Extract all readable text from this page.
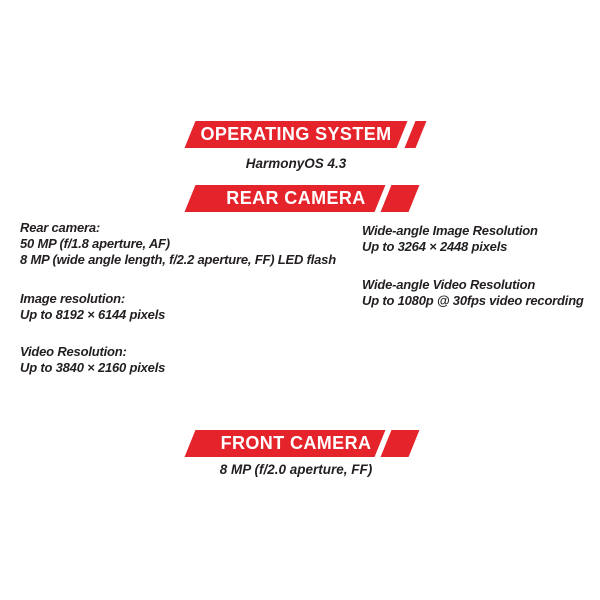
OPERATING SYSTEM
HarmonyOS 4.3
REAR CAMERA
Rear camera:
50 MP (f/1.8 aperture, AF)
8 MP (wide angle length, f/2.2 aperture, FF) LED flash
Image resolution:
Up to 8192 × 6144 pixels
Video Resolution:
Up to 3840 × 2160 pixels
Wide-angle Image Resolution
Up to 3264 × 2448 pixels
Wide-angle Video Resolution
Up to 1080p @ 30fps video recording
FRONT CAMERA
8 MP (f/2.0 aperture, FF)
